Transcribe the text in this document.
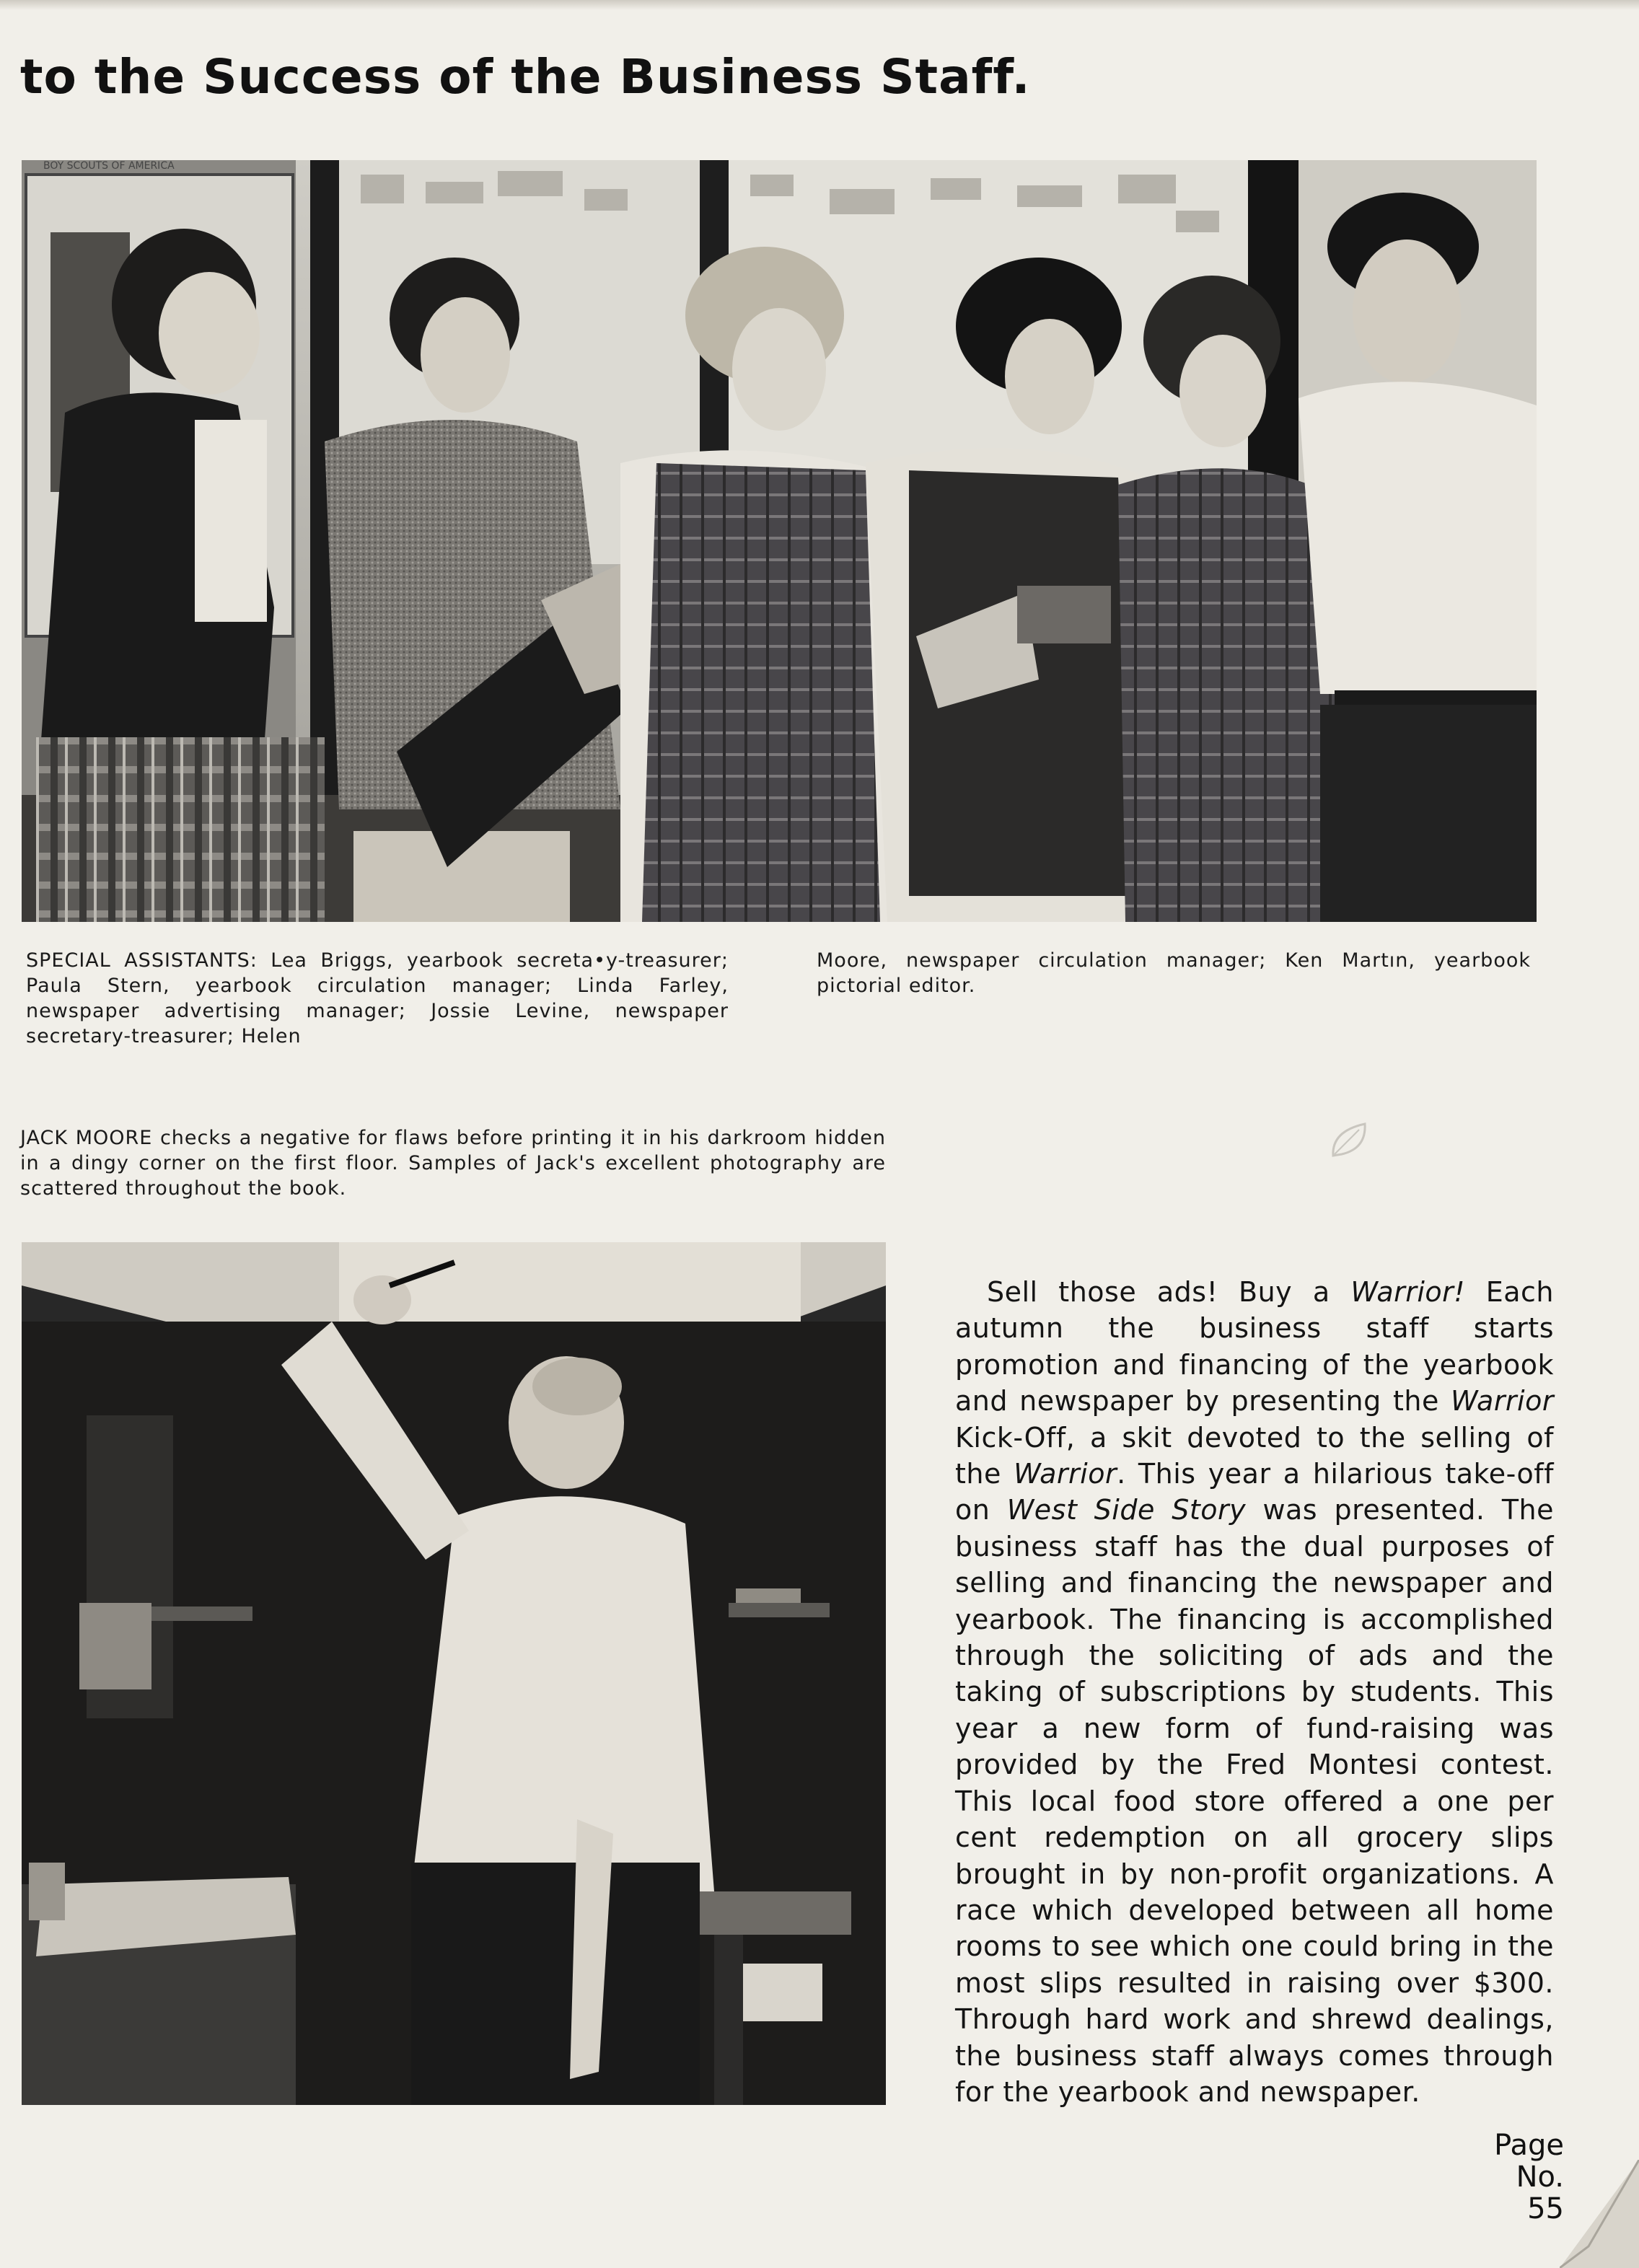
to the Success of the Business Staff.
BOY SCOUTS OF AMERICA

SPECIAL ASSISTANTS: Lea Briggs, yearbook secreta•y-treasurer; Paula Stern, yearbook circulation manager; Linda Farley, newspaper advertising manager; Jossie Levine, newspaper secretary-treasurer; Helen

Moore, newspaper circulation manager; Ken Martın, yearbook pictorial editor.

JACK MOORE checks a negative for flaws before printing it in his darkroom hidden in a dingy corner on the first floor. Samples of Jack's excellent photography are scattered throughout the book.

Sell those ads! Buy a Warrior! Each autumn the business staff starts promotion and financing of the yearbook and newspaper by presenting the Warrior Kick-Off, a skit devoted to the selling of the Warrior. This year a hilarious take-off on West Side Story was presented. The business staff has the dual purposes of selling and financing the newspaper and yearbook. The financing is accomplished through the soliciting of ads and the taking of subscriptions by students. This year a new form of fund-raising was provided by the Fred Montesi contest. This local food store offered a one per cent redemption on all grocery slips brought in by non-profit organizations. A race which developed between all home rooms to see which one could bring in the most slips resulted in raising over $300. Through hard work and shrewd dealings, the business staff always comes through for the yearbook and newspaper.

Page
No.
55
